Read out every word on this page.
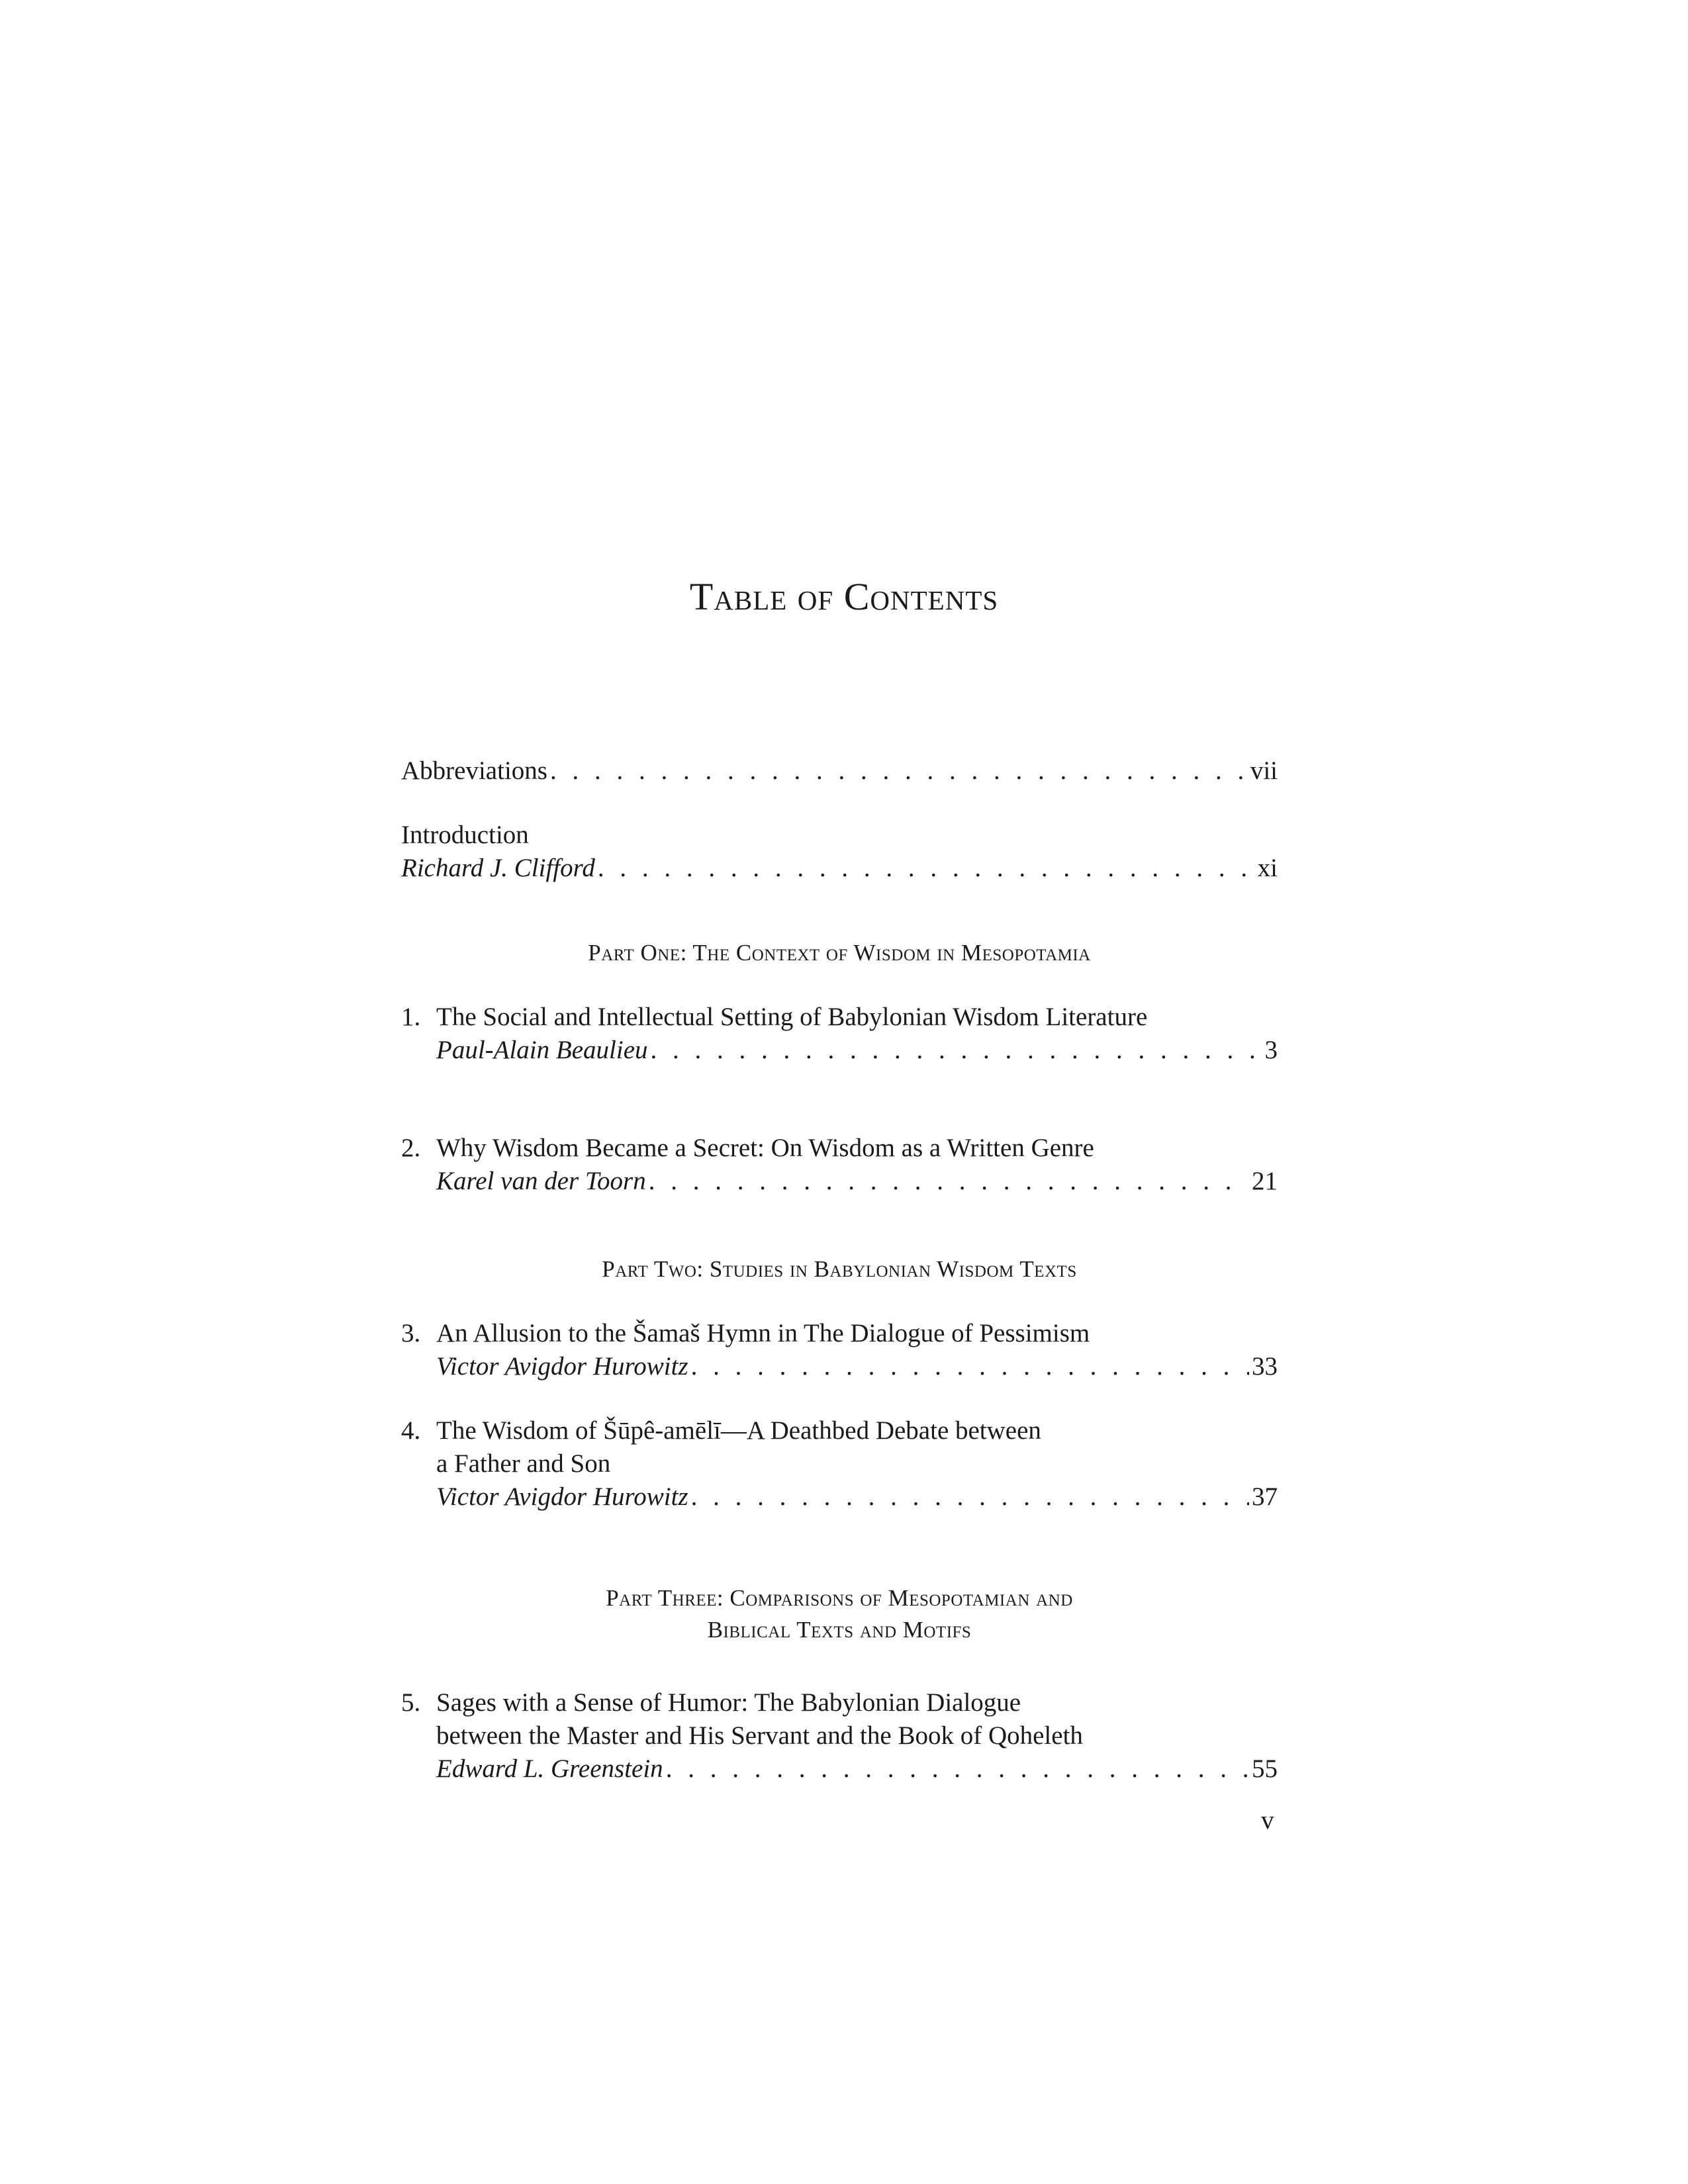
Table of Contents
Abbreviations . . .	vii
Introduction
Richard J. Clifford . . .	xi
Part One: The Context of Wisdom in Mesopotamia
1. The Social and Intellectual Setting of Babylonian Wisdom Literature
Paul-Alain Beaulieu . . .	3
2. Why Wisdom Became a Secret: On Wisdom as a Written Genre
Karel van der Toorn . . .	21
Part Two: Studies in Babylonian Wisdom Texts
3. An Allusion to the Šamaš Hymn in The Dialogue of Pessimism
Victor Avigdor Hurowitz . . .	33
4. The Wisdom of Šūpê-amēlī—A Deathbed Debate between
a Father and Son
Victor Avigdor Hurowitz . . .	37
Part Three: Comparisons of Mesopotamian and
Biblical Texts and Motifs
5. Sages with a Sense of Humor: The Babylonian Dialogue
between the Master and His Servant and the Book of Qoheleth
Edward L. Greenstein . . .	55
v
